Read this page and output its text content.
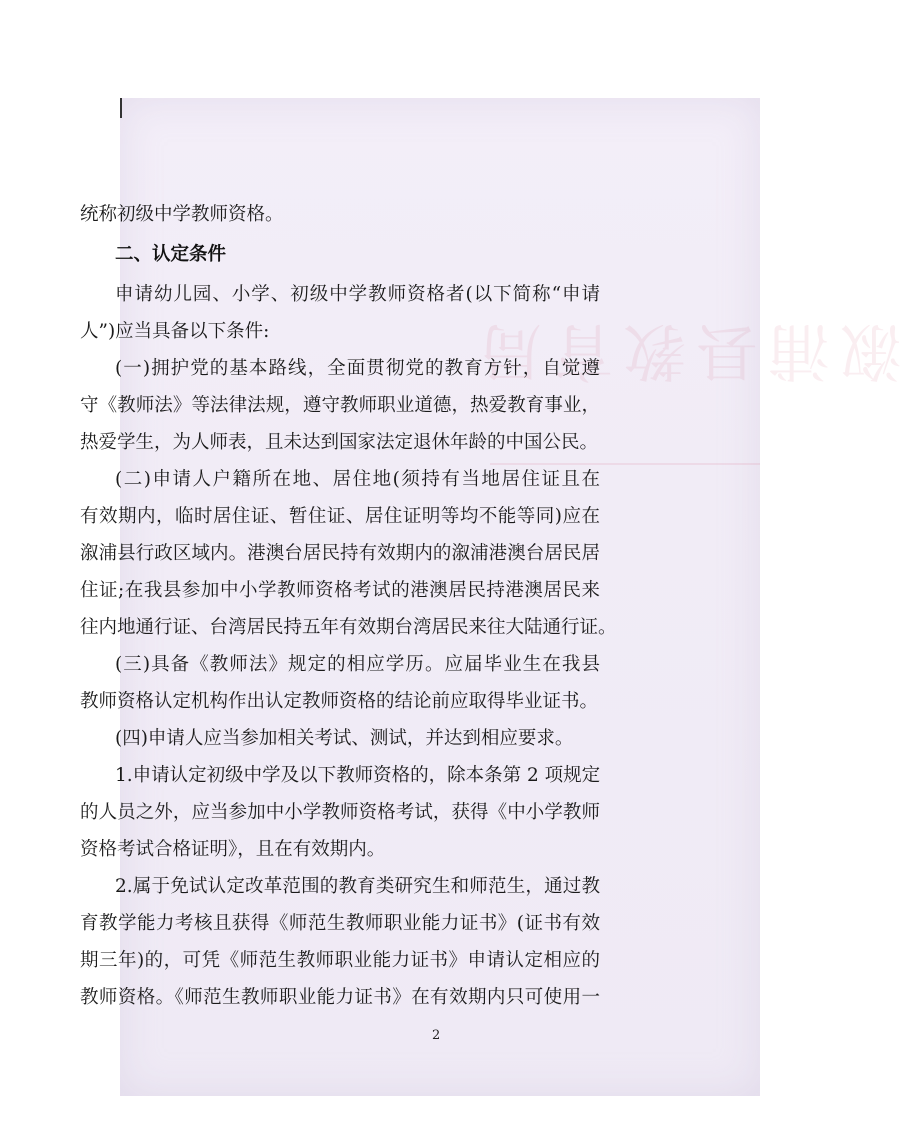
溆浦县教育局
统称初级中学教师资格。
二、认定条件
申请幼儿园、小学、初级中学教师资格者(以下简称“申请
人”)应当具备以下条件:
(一)拥护党的基本路线，全面贯彻党的教育方针，自觉遵
守《教师法》等法律法规，遵守教师职业道德，热爱教育事业，
热爱学生，为人师表，且未达到国家法定退休年龄的中国公民。
(二)申请人户籍所在地、居住地(须持有当地居住证且在
有效期内，临时居住证、暂住证、居住证明等均不能等同)应在
溆浦县行政区域内。港澳台居民持有效期内的溆浦港澳台居民居
住证;在我县参加中小学教师资格考试的港澳居民持港澳居民来
往内地通行证、台湾居民持五年有效期台湾居民来往大陆通行证。
(三)具备《教师法》规定的相应学历。应届毕业生在我县
教师资格认定机构作出认定教师资格的结论前应取得毕业证书。
(四)申请人应当参加相关考试、测试，并达到相应要求。
1.申请认定初级中学及以下教师资格的，除本条第 2 项规定
的人员之外，应当参加中小学教师资格考试，获得《中小学教师
资格考试合格证明》，且在有效期内。
2.属于免试认定改革范围的教育类研究生和师范生，通过教
育教学能力考核且获得《师范生教师职业能力证书》(证书有效
期三年)的，可凭《师范生教师职业能力证书》申请认定相应的
教师资格。《师范生教师职业能力证书》在有效期内只可使用一
2
